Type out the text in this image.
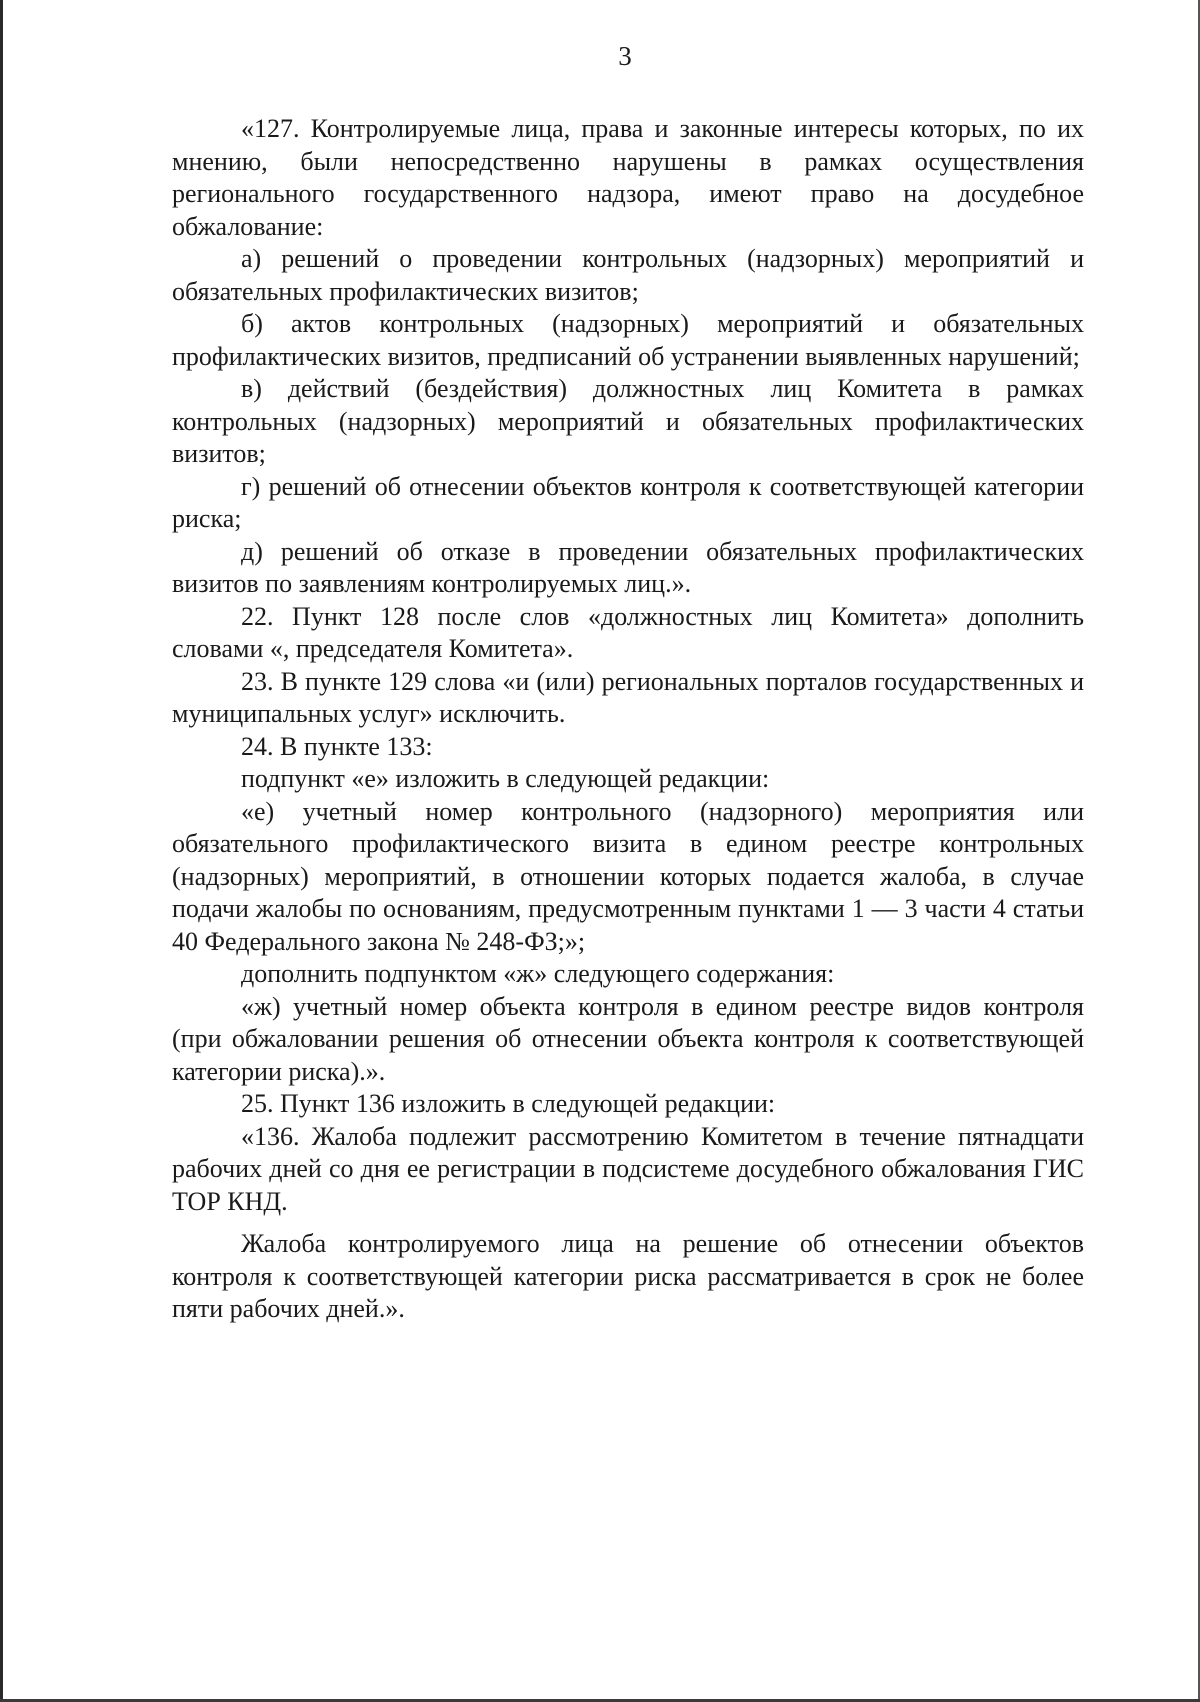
3

«127. Контролируемые лица, права и законные интересы которых, по их мнению, были непосредственно нарушены в рамках осуществления регионального государственного надзора, имеют право на досудебное обжалование:

а) решений о проведении контрольных (надзорных) мероприятий и обязательных профилактических визитов;

б) актов контрольных (надзорных) мероприятий и обязательных профилактических визитов, предписаний об устранении выявленных нарушений;

в) действий (бездействия) должностных лиц Комитета в рамках контрольных (надзорных) мероприятий и обязательных профилактических визитов;

г) решений об отнесении объектов контроля к соответствующей категории риска;

д) решений об отказе в проведении обязательных профилактических визитов по заявлениям контролируемых лиц.».

22. Пункт 128 после слов «должностных лиц Комитета» дополнить словами «, председателя Комитета».

23. В пункте 129 слова «и (или) региональных порталов государственных и муниципальных услуг» исключить.

24. В пункте 133:

подпункт «е» изложить в следующей редакции:

«е) учетный номер контрольного (надзорного) мероприятия или обязательного профилактического визита в едином реестре контрольных (надзорных) мероприятий, в отношении которых подается жалоба, в случае подачи жалобы по основаниям, предусмотренным пунктами 1 — 3 части 4 статьи 40 Федерального закона № 248-ФЗ;»;

дополнить подпунктом «ж» следующего содержания:

«ж) учетный номер объекта контроля в едином реестре видов контроля (при обжаловании решения об отнесении объекта контроля к соответствующей категории риска).».

25. Пункт 136 изложить в следующей редакции:

«136. Жалоба подлежит рассмотрению Комитетом в течение пятнадцати рабочих дней со дня ее регистрации в подсистеме досудебного обжалования ГИС ТОР КНД.

Жалоба контролируемого лица на решение об отнесении объектов контроля к соответствующей категории риска рассматривается в срок не более пяти рабочих дней.».
